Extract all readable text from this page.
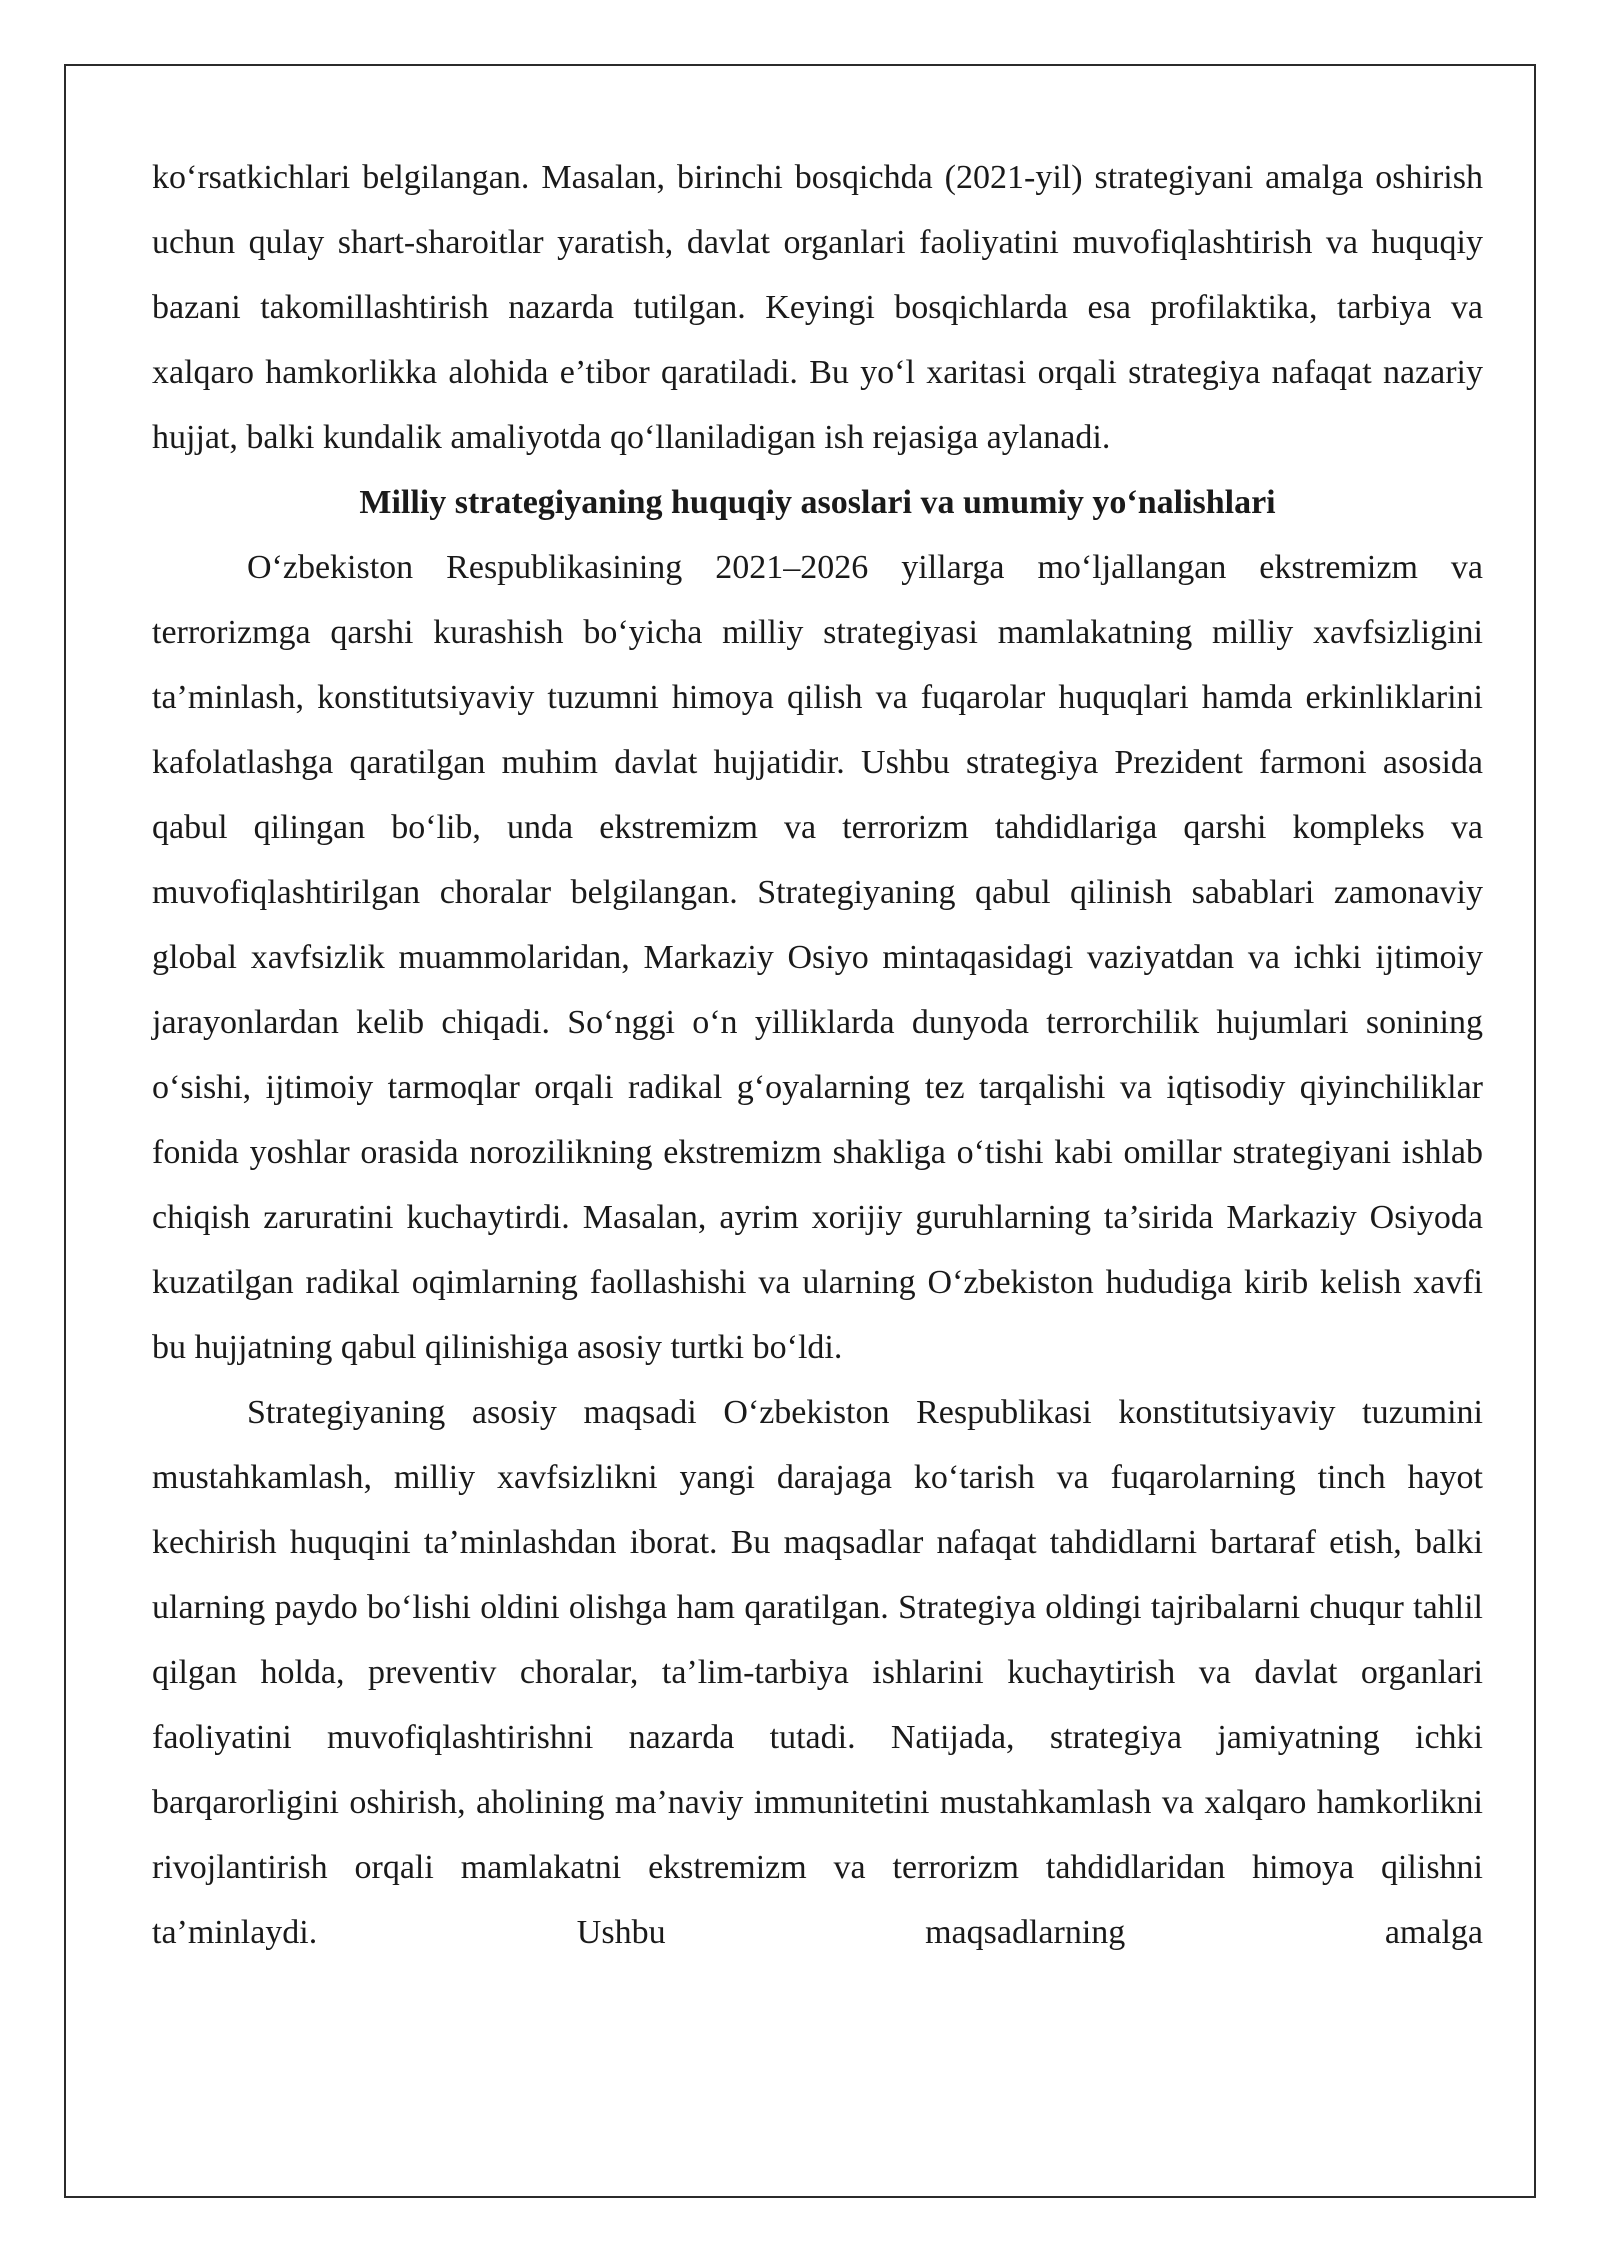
ko‘rsatkichlari belgilangan. Masalan, birinchi bosqichda (2021-yil) strategiyani amalga oshirish uchun qulay shart-sharoitlar yaratish, davlat organlari faoliyatini muvofiqlashtirish va huquqiy bazani takomillashtirish nazarda tutilgan. Keyingi bosqichlarda esa profilaktika, tarbiya va xalqaro hamkorlikka alohida e’tibor qaratiladi. Bu yo‘l xaritasi orqali strategiya nafaqat nazariy hujjat, balki kundalik amaliyotda qo‘llaniladigan ish rejasiga aylanadi.

Milliy strategiyaning huquqiy asoslari va umumiy yo‘nalishlari

O‘zbekiston Respublikasining 2021–2026 yillarga mo‘ljallangan ekstremizm va terrorizmga qarshi kurashish bo‘yicha milliy strategiyasi mamlakatning milliy xavfsizligini ta’minlash, konstitutsiyaviy tuzumni himoya qilish va fuqarolar huquqlari hamda erkinliklarini kafolatlashga qaratilgan muhim davlat hujjatidir. Ushbu strategiya Prezident farmoni asosida qabul qilingan bo‘lib, unda ekstremizm va terrorizm tahdidlariga qarshi kompleks va muvofiqlashtirilgan choralar belgilangan. Strategiyaning qabul qilinish sabablari zamonaviy global xavfsizlik muammolaridan, Markaziy Osiyo mintaqasidagi vaziyatdan va ichki ijtimoiy jarayonlardan kelib chiqadi. So‘nggi o‘n yilliklarda dunyoda terrorchilik hujumlari sonining o‘sishi, ijtimoiy tarmoqlar orqali radikal g‘oyalarning tez tarqalishi va iqtisodiy qiyinchiliklar fonida yoshlar orasida norozilikning ekstremizm shakliga o‘tishi kabi omillar strategiyani ishlab chiqish zaruratini kuchaytirdi. Masalan, ayrim xorijiy guruhlarning ta’sirida Markaziy Osiyoda kuzatilgan radikal oqimlarning faollashishi va ularning O‘zbekiston hududiga kirib kelish xavfi bu hujjatning qabul qilinishiga asosiy turtki bo‘ldi.

Strategiyaning asosiy maqsadi O‘zbekiston Respublikasi konstitutsiyaviy tuzumini mustahkamlash, milliy xavfsizlikni yangi darajaga ko‘tarish va fuqarolarning tinch hayot kechirish huquqini ta’minlashdan iborat. Bu maqsadlar nafaqat tahdidlarni bartaraf etish, balki ularning paydo bo‘lishi oldini olishga ham qaratilgan. Strategiya oldingi tajribalarni chuqur tahlil qilgan holda, preventiv choralar, ta’lim-tarbiya ishlarini kuchaytirish va davlat organlari faoliyatini muvofiqlashtirishni nazarda tutadi. Natijada, strategiya jamiyatning ichki barqarorligini oshirish, aholining ma’naviy immunitetini mustahkamlash va xalqaro hamkorlikni rivojlantirish orqali mamlakatni ekstremizm va terrorizm tahdidlaridan himoya qilishni ta’minlaydi. Ushbu maqsadlarning amalga
